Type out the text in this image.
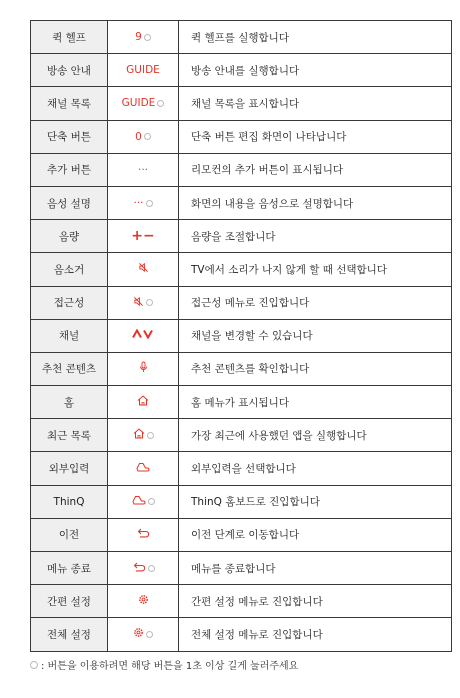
퀵 헬프	9	퀵 헬프를 실행합니다
방송 안내	GUIDE	방송 안내를 실행합니다
채널 목록	GUIDE	채널 목록을 표시합니다
단축 버튼	0	단축 버튼 편집 화면이 나타납니다
추가 버튼	···	리모컨의 추가 버튼이 표시됩니다
음성 설명	···	화면의 내용을 음성으로 설명합니다
음량	+−	음량을 조절합니다
음소거		TV에서 소리가 나지 않게 할 때 선택합니다
접근성		접근성 메뉴로 진입합니다
채널		채널을 변경할 수 있습니다
추천 콘텐츠		추천 콘텐츠를 확인합니다
홈		홈 메뉴가 표시됩니다
최근 목록		가장 최근에 사용했던 앱을 실행합니다
외부입력		외부입력을 선택합니다
ThinQ		ThinQ 홈보드로 진입합니다
이전		이전 단계로 이동합니다
메뉴 종료		메뉴를 종료합니다
간편 설정		간편 설정 메뉴로 진입합니다
전체 설정		전체 설정 메뉴로 진입합니다
: 버튼을 이용하려면 해당 버튼을 1초 이상 길게 눌러주세요
